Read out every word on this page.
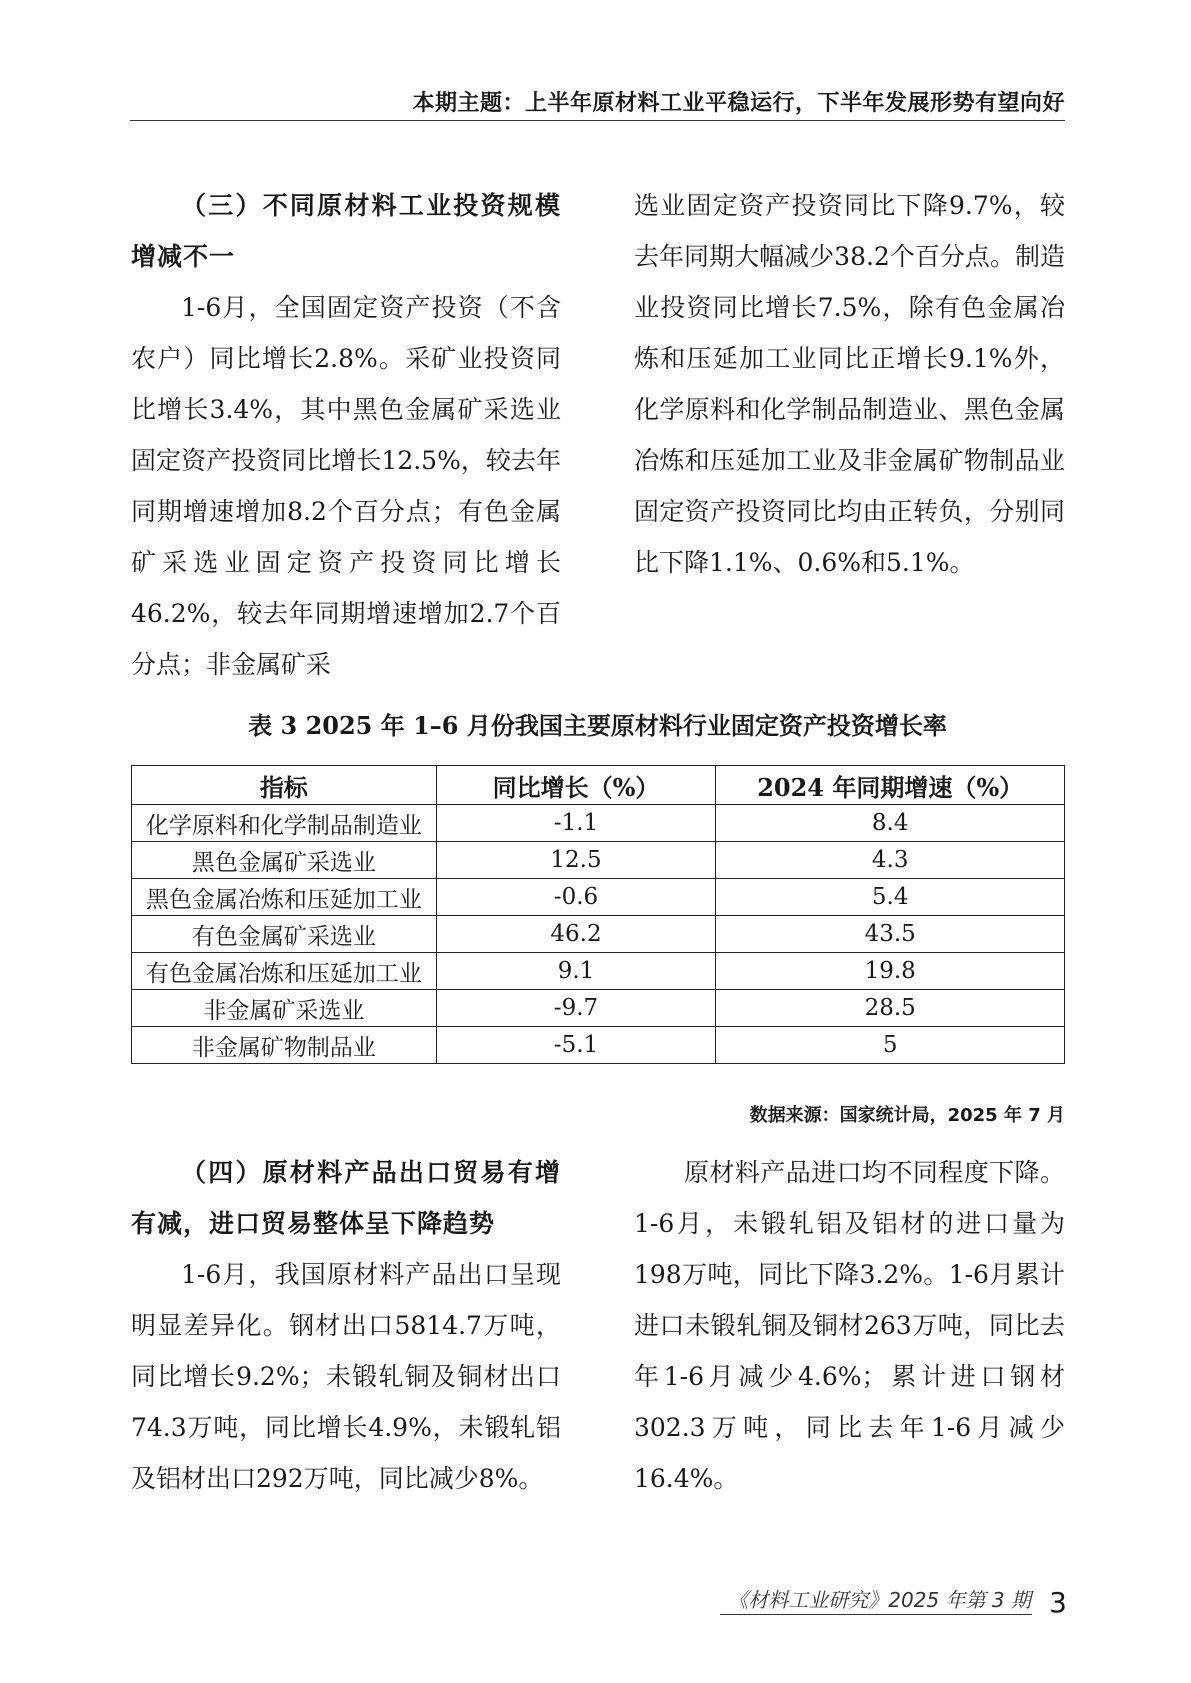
本期主题：上半年原材料工业平稳运行，下半年发展形势有望向好

（三）不同原材料工业投资规模增减不一

1-6月，全国固定资产投资（不含农户）同比增长2.8%。采矿业投资同比增长3.4%，其中黑色金属矿采选业固定资产投资同比增长12.5%，较去年同期增速增加8.2个百分点；有色金属矿采选业固定资产投资同比增长46.2%，较去年同期增速增加2.7个百分点；非金属矿采

选业固定资产投资同比下降9.7%，较去年同期大幅减少38.2个百分点。制造业投资同比增长7.5%，除有色金属冶炼和压延加工业同比正增长9.1%外，化学原料和化学制品制造业、黑色金属冶炼和压延加工业及非金属矿物制品业固定资产投资同比均由正转负，分别同比下降1.1%、0.6%和5.1%。

表 3 2025 年 1–6 月份我国主要原材料行业固定资产投资增长率
指标	同比增长（%）	2024 年同期增速（%）
化学原料和化学制品制造业	-1.1	8.4
黑色金属矿采选业	12.5	4.3
黑色金属冶炼和压延加工业	-0.6	5.4
有色金属矿采选业	46.2	43.5
有色金属冶炼和压延加工业	9.1	19.8
非金属矿采选业	-9.7	28.5
非金属矿物制品业	-5.1	5
数据来源：国家统计局，2025 年 7 月

（四）原材料产品出口贸易有增有减，进口贸易整体呈下降趋势

1-6月，我国原材料产品出口呈现明显差异化。钢材出口5814.7万吨，同比增长9.2%；未锻轧铜及铜材出口74.3万吨，同比增长4.9%，未锻轧铝及铝材出口292万吨，同比减少8%。

原材料产品进口均不同程度下降。1-6月，未锻轧铝及铝材的进口量为198万吨，同比下降3.2%。1-6月累计进口未锻轧铜及铜材263万吨，同比去年1-6月减少4.6%；累计进口钢材302.3万吨，同比去年1-6月减少16.4%。

《材料工业研究》2025 年第 3 期 3
